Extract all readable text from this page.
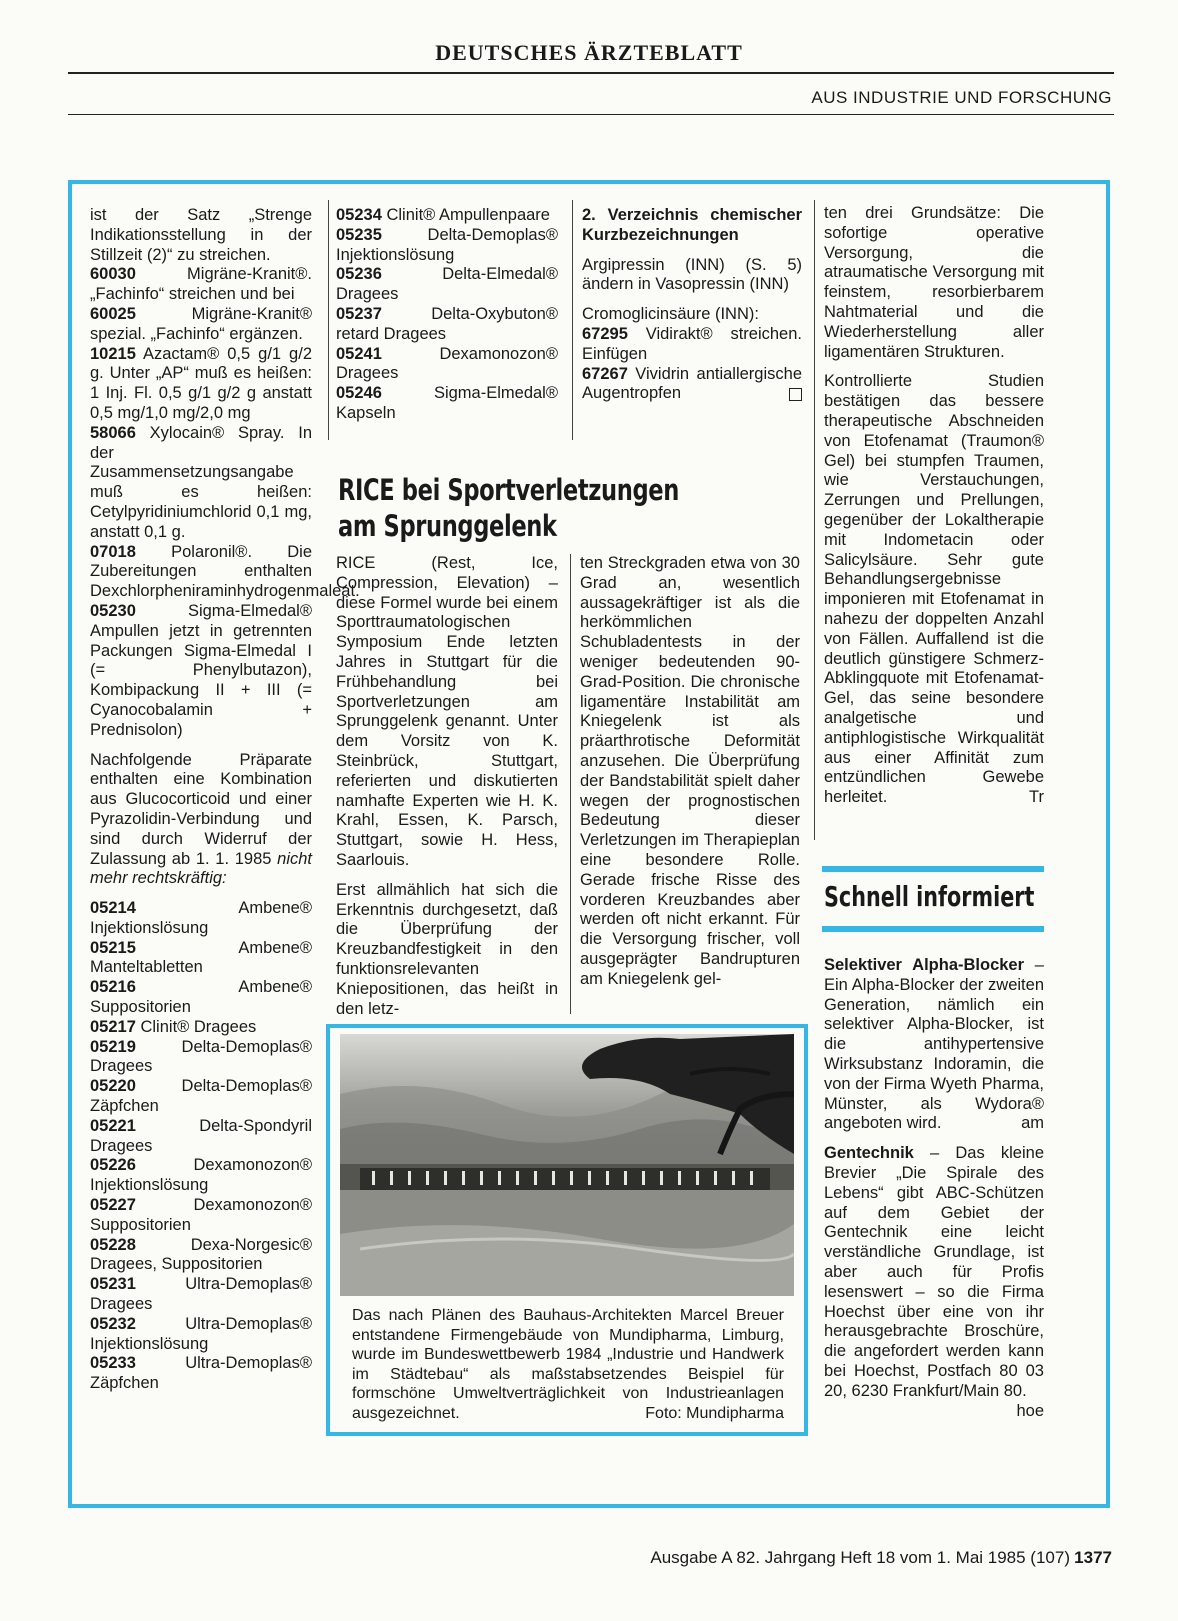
DEUTSCHES ÄRZTEBLATT
AUS INDUSTRIE UND FORSCHUNG

ist der Satz „Strenge Indikationsstellung in der Stillzeit (2)“ zu streichen.
60030 Migräne-Kranit®. „Fachinfo“ streichen und bei
60025 Migräne-Kranit® spezial. „Fachinfo“ ergänzen.
10215 Azactam® 0,5 g/1 g/2 g. Unter „AP“ muß es heißen: 1 Inj. Fl. 0,5 g/1 g/2 g anstatt 0,5 mg/1,0 mg/2,0 mg
58066 Xylocain® Spray. In der Zusammensetzungsangabe muß es heißen: Cetylpyridiniumchlorid 0,1 mg, anstatt 0,1 g.
07018 Polaronil®. Die Zubereitungen enthalten Dexchlorpheniraminhydrogenmaleat.
05230 Sigma-Elmedal® Ampullen jetzt in getrennten Packungen Sigma-Elmedal I (= Phenylbutazon), Kombipackung II + III (= Cyanocobalamin + Prednisolon)

Nachfolgende Präparate enthalten eine Kombination aus Glucocorticoid und einer Pyrazolidin-Verbindung und sind durch Widerruf der Zulassung ab 1. 1. 1985 nicht mehr rechtskräftig:

05214 Ambene® Injektionslösung
05215 Ambene® Manteltabletten
05216 Ambene® Suppositorien
05217 Clinit® Dragees
05219 Delta-Demoplas® Dragees
05220 Delta-Demoplas® Zäpfchen
05221 Delta-Spondyril Dragees
05226 Dexamonozon® Injektionslösung
05227 Dexamonozon® Suppositorien
05228 Dexa-Norgesic® Dragees, Suppositorien
05231 Ultra-Demoplas® Dragees
05232 Ultra-Demoplas® Injektionslösung
05233 Ultra-Demoplas® Zäpfchen
05234 Clinit® Ampullenpaare
05235 Delta-Demoplas® Injektionslösung
05236 Delta-Elmedal® Dragees
05237 Delta-Oxybuton® retard Dragees
05241 Dexamonozon® Dragees
05246 Sigma-Elmedal® Kapseln

2. Verzeichnis chemischer Kurzbezeichnungen

Argipressin (INN) (S. 5) ändern in Vasopressin (INN)

Cromoglicinsäure (INN):

67295 Vidirakt® streichen. Einfügen
67267 Vividrin antiallergische Augentropfen
RICE bei Sportverletzungen am Sprunggelenk

RICE (Rest, Ice, Compression, Elevation) – diese Formel wurde bei einem Sporttraumatologischen Symposium Ende letzten Jahres in Stuttgart für die Frühbehandlung bei Sportverletzungen am Sprunggelenk genannt. Unter dem Vorsitz von K. Steinbrück, Stuttgart, referierten und diskutierten namhafte Experten wie H. K. Krahl, Essen, K. Parsch, Stuttgart, sowie H. Hess, Saarlouis.

Erst allmählich hat sich die Erkenntnis durchgesetzt, daß die Überprüfung der Kreuzbandfestigkeit in den funktionsrelevanten Kniepositionen, das heißt in den letz-

ten Streckgraden etwa von 30 Grad an, wesentlich aussagekräftiger ist als die herkömmlichen Schubladentests in der weniger bedeutenden 90-Grad-Position. Die chronische ligamentäre Instabilität am Kniegelenk ist als präarthrotische Deformität anzusehen. Die Überprüfung der Bandstabilität spielt daher wegen der prognostischen Bedeutung dieser Verletzungen im Therapieplan eine besondere Rolle. Gerade frische Risse des vorderen Kreuzbandes aber werden oft nicht erkannt. Für die Versorgung frischer, voll ausgeprägter Bandrupturen am Kniegelenk gel-

ten drei Grundsätze: Die sofortige operative Versorgung, die atraumatische Versorgung mit feinstem, resorbierbarem Nahtmaterial und die Wiederherstellung aller ligamentären Strukturen.

Kontrollierte Studien bestätigen das bessere therapeutische Abschneiden von Etofenamat (Traumon® Gel) bei stumpfen Traumen, wie Verstauchungen, Zerrungen und Prellungen, gegenüber der Lokaltherapie mit Indometacin oder Salicylsäure. Sehr gute Behandlungsergebnisse imponieren mit Etofenamat in nahezu der doppelten Anzahl von Fällen. Auffallend ist die deutlich günstigere Schmerz-Abklingquote mit Etofenamat-Gel, das seine besondere analgetische und antiphlogistische Wirkqualität aus einer Affinität zum entzündlichen Gewebe herleitet.	Tr

Das nach Plänen des Bauhaus-Architekten Marcel Breuer entstandene Firmengebäude von Mundipharma, Limburg, wurde im Bundeswettbewerb 1984 „Industrie und Handwerk im Städtebau“ als maßstabsetzendes Beispiel für formschöne Umweltverträglichkeit von Industrieanlagen ausgezeichnet.	Foto: Mundipharma
Schnell informiert

Selektiver Alpha-Blocker – Ein Alpha-Blocker der zweiten Generation, nämlich ein selektiver Alpha-Blocker, ist die antihypertensive Wirksubstanz Indoramin, die von der Firma Wyeth Pharma, Münster, als Wydora® angeboten wird.	am

Gentechnik – Das kleine Brevier „Die Spirale des Lebens“ gibt ABC-Schützen auf dem Gebiet der Gentechnik eine leicht verständliche Grundlage, ist aber auch für Profis lesenswert – so die Firma Hoechst über eine von ihr herausgebrachte Broschüre, die angefordert werden kann bei Hoechst, Postfach 80 03 20, 6230 Frankfurt/Main 80.
hoe

Ausgabe A 82. Jahrgang Heft 18 vom 1. Mai 1985 (107) 1377
